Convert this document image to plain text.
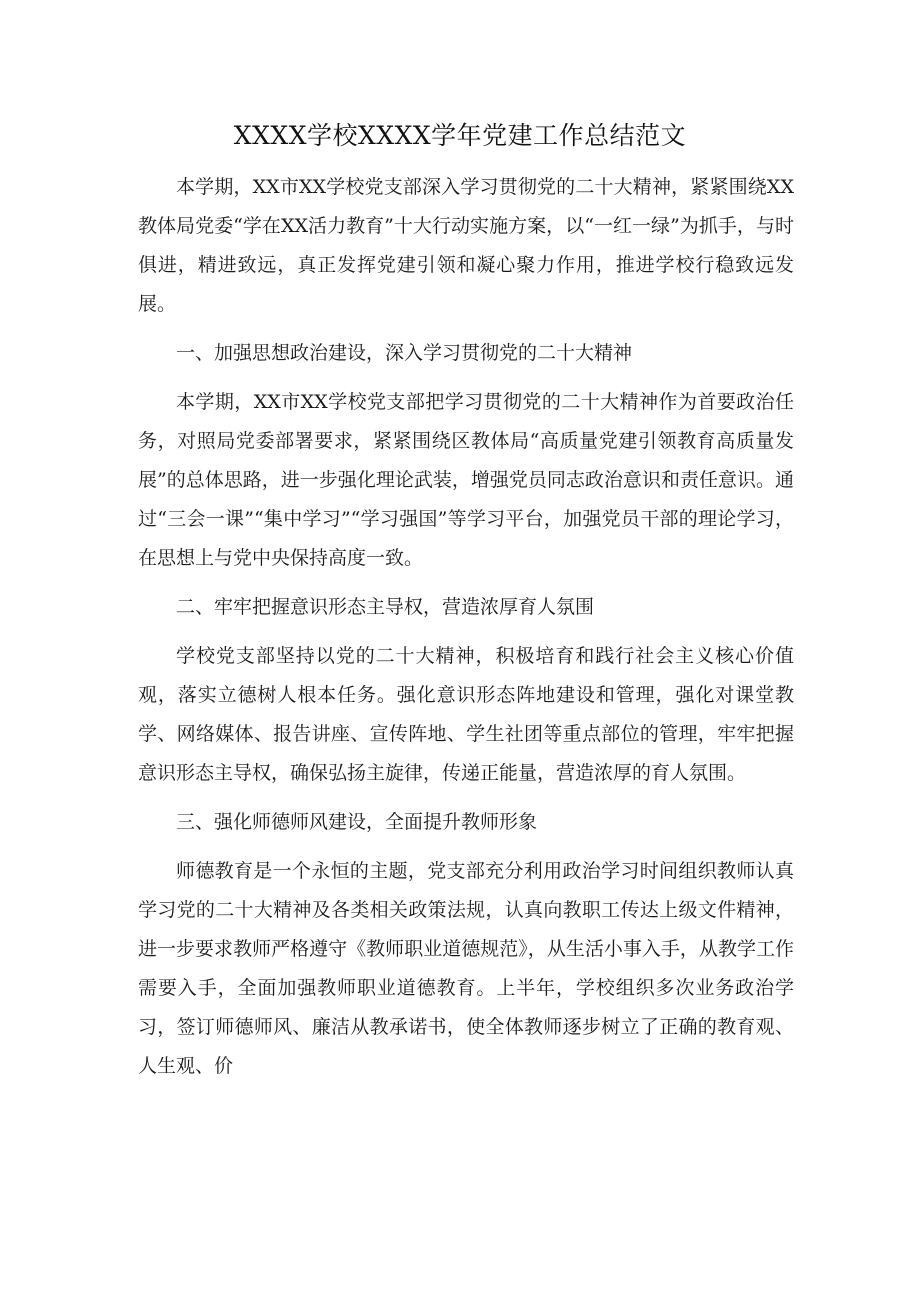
XXXX学校XXXX学年党建工作总结范文

本学期，XX市XX学校党支部深入学习贯彻党的二十大精神，紧紧围绕XX教体局党委“学在XX活力教育”十大行动实施方案，以“一红一绿”为抓手，与时俱进，精进致远，真正发挥党建引领和凝心聚力作用，推进学校行稳致远发展。

一、加强思想政治建设，深入学习贯彻党的二十大精神

本学期，XX市XX学校党支部把学习贯彻党的二十大精神作为首要政治任务，对照局党委部署要求，紧紧围绕区教体局“高质量党建引领教育高质量发展”的总体思路，进一步强化理论武装，增强党员同志政治意识和责任意识。通过“三会一课”“集中学习”“学习强国”等学习平台，加强党员干部的理论学习，在思想上与党中央保持高度一致。

二、牢牢把握意识形态主导权，营造浓厚育人氛围

学校党支部坚持以党的二十大精神，积极培育和践行社会主义核心价值观，落实立德树人根本任务。强化意识形态阵地建设和管理，强化对课堂教学、网络媒体、报告讲座、宣传阵地、学生社团等重点部位的管理，牢牢把握意识形态主导权，确保弘扬主旋律，传递正能量，营造浓厚的育人氛围。

三、强化师德师风建设，全面提升教师形象

师德教育是一个永恒的主题，党支部充分利用政治学习时间组织教师认真学习党的二十大精神及各类相关政策法规，认真向教职工传达上级文件精神，进一步要求教师严格遵守《教师职业道德规范》，从生活小事入手，从教学工作需要入手，全面加强教师职业道德教育。上半年，学校组织多次业务政治学习，签订师德师风、廉洁从教承诺书，使全体教师逐步树立了正确的教育观、人生观、价
